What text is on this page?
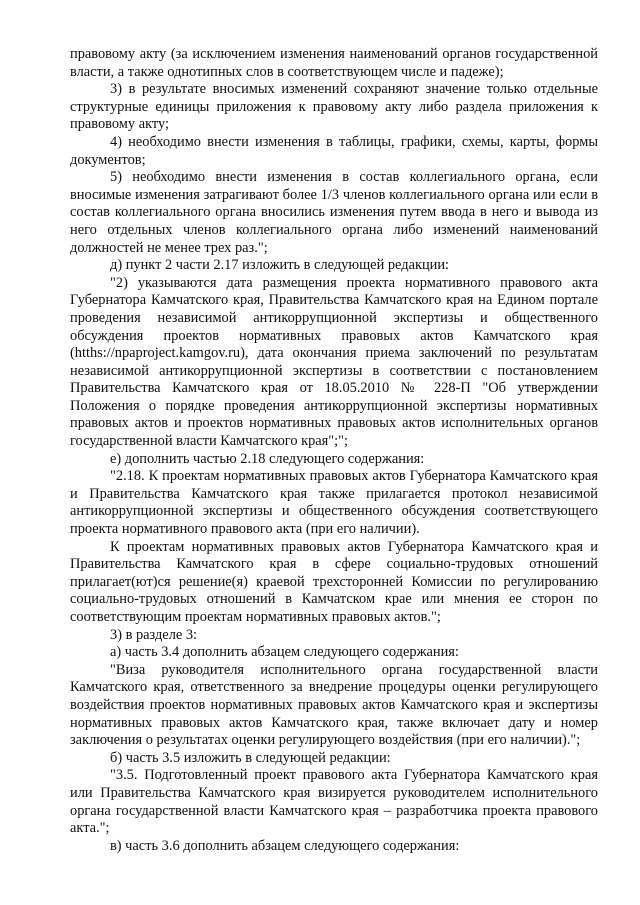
правовому акту (за исключением изменения наименований органов государственной власти, а также однотипных слов в соответствующем числе и падеже);

3) в результате вносимых изменений сохраняют значение только отдельные структурные единицы приложения к правовому акту либо раздела приложения к правовому акту;

4) необходимо внести изменения в таблицы, графики, схемы, карты, формы документов;

5) необходимо внести изменения в состав коллегиального органа, если вносимые изменения затрагивают более 1/3 членов коллегиального органа или если в состав коллегиального органа вносились изменения путем ввода в него и вывода из него отдельных членов коллегиального органа либо изменений наименований должностей не менее трех раз.";

д) пункт 2 части 2.17 изложить в следующей редакции:

"2) указываются дата размещения проекта нормативного правового акта Губернатора Камчатского края, Правительства Камчатского края на Едином портале проведения независимой антикоррупционной экспертизы и общественного обсуждения проектов нормативных правовых актов Камчатского края (htths://npaproject.kamgov.ru), дата окончания приема заключений по результатам независимой антикоррупционной экспертизы в соответствии с постановлением Правительства Камчатского края от 18.05.2010 № 228-П "Об утверждении Положения о порядке проведения антикоррупционной экспертизы нормативных правовых актов и проектов нормативных правовых актов исполнительных органов государственной власти Камчатского края";";

е) дополнить частью 2.18 следующего содержания:

"2.18. К проектам нормативных правовых актов Губернатора Камчатского края и Правительства Камчатского края также прилагается протокол независимой антикоррупционной экспертизы и общественного обсуждения соответствующего проекта нормативного правового акта (при его наличии).

К проектам нормативных правовых актов Губернатора Камчатского края и Правительства Камчатского края в сфере социально-трудовых отношений прилагает(ют)ся решение(я) краевой трехсторонней Комиссии по регулированию социально-трудовых отношений в Камчатском крае или мнения ее сторон по соответствующим проектам нормативных правовых актов.";

3) в разделе 3:

а) часть 3.4 дополнить абзацем следующего содержания:

"Виза руководителя исполнительного органа государственной власти Камчатского края, ответственного за внедрение процедуры оценки регулирующего воздействия проектов нормативных правовых актов Камчатского края и экспертизы нормативных правовых актов Камчатского края, также включает дату и номер заключения о результатах оценки регулирующего воздействия (при его наличии).";

б) часть 3.5 изложить в следующей редакции:

"3.5. Подготовленный проект правового акта Губернатора Камчатского края или Правительства Камчатского края визируется руководителем исполнительного органа государственной власти Камчатского края – разработчика проекта правового акта.";

в) часть 3.6 дополнить абзацем следующего содержания:
